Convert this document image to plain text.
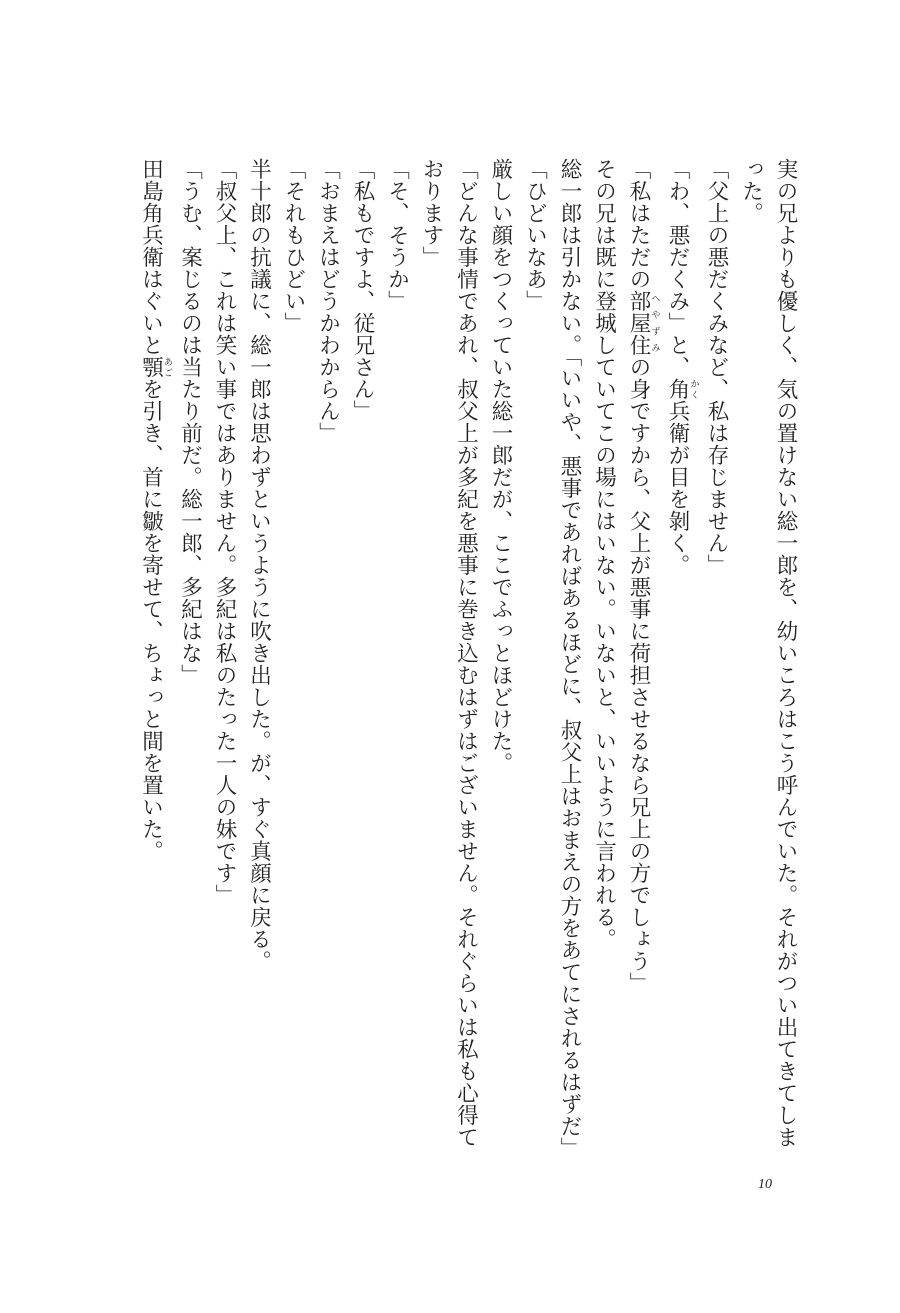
実の兄よりも優しく、気の置けない総一郎を、幼いころはこう呼んでいた。それがつい出てきてしまった。

「父上の悪だくみなど、私は存じません」

「わ、悪だくみ」と、角かく兵衛が目を剝く。

「私はただの部屋住へやずみの身ですから、父上が悪事に荷担させるなら兄上の方でしょう」

その兄は既に登城していてこの場にはいない。いないと、いいように言われる。

総一郎は引かない。「いいや、悪事であればあるほどに、叔父上はおまえの方をあてにされるはずだ」

「ひどいなあ」

厳しい顔をつくっていた総一郎だが、ここでふっとほどけた。

「どんな事情であれ、叔父上が多紀を悪事に巻き込むはずはございません。それぐらいは私も心得ております」

「そ、そうか」

「私もですよ、従兄さん」

「おまえはどうかわからん」

「それもひどい」

半十郎の抗議に、総一郎は思わずというように吹き出した。が、すぐ真顔に戻る。

「叔父上、これは笑い事ではありません。多紀は私のたった一人の妹です」

「うむ、案じるのは当たり前だ。総一郎、多紀はな」

田島角兵衛はぐいと顎あごを引き、首に皺を寄せて、ちょっと間を置いた。

10
